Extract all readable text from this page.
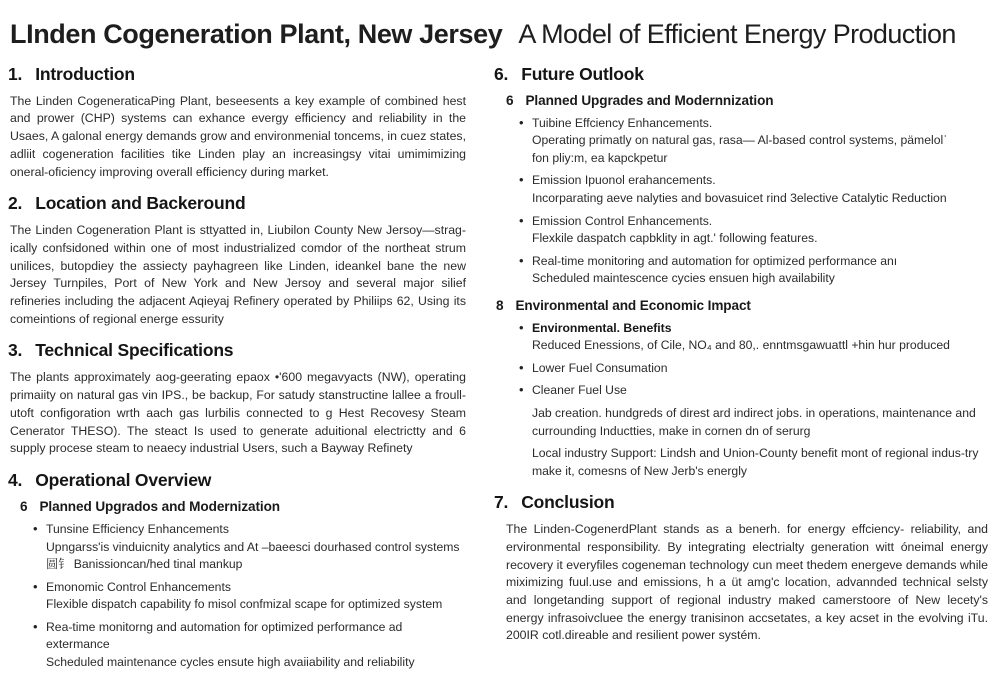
LInden Cogeneration Plant, New Jersey A Model of Efficient Energy Production
1. Introduction

The Linden CogeneraticaPing Plant, beseesents a key example of combined hest and prower (CHP) systems can exhance evergy efficiency and reliability in the Usaes, A galonal energy demands grow and environmenial toncems, in cuez states, adliit cogeneration facilities tike Linden play an increasingsy vitai umimimizing oneral-oficiency improving overall efficiency during market.

2. Location and Backeround

The Linden Cogeneration Plant is sttyatted in, Liubilon County New Jersoy—strag-ically confsidoned within one of most industrialized comdor of the northeat strum unilices, butopdiey the assiecty payhagreen like Linden, ideankel bane the new Jersey Turnpiles, Port of New York and New Jersoy and several major silief refineries including the adjacent Aqieyaj Refinery operated by Philiips 62, Using its comeintions of regional energe essurity

3. Technical Specifications

The plants approximately aog-geerating epaox •'600 megavyacts (NW), operating primaiity on natural gas vin IPS., be backup, For satudy stanstructine lallee a froull-utoft configoration wrth aach gas lurbilis connected to g Hest Recovesy Steam Cenerator THESO). The steact Is used to generate aduitional electrictty and 6 supply procese steam to neaecy industrial Users, such a Bayway Refinety

4. Operational Overview
6 Planned Upgrados and Modernization
• Tunsine Efficiency Enhancements
Upngarss'is vinduicnity analytics and At –baeesci dourhased control systems
圆钅 Banissioncan/hed tinal mankup
• Emonomic Control Enhancements
Flexible dispatch capability fo misol confmizal scape for optimized system
• Rea-time monitorng and automation for optimized performance ad extermance
Scheduled maintenance cycles ensute high avaiiability and reliability
6. Future Outlook
6 Planned Upgrades and Modernnization
• Tuibine Effciency Enhancements.
Operating primatly on natural gas, rasa— Al-based control systems, pämelolˈ
fon pliy:m, ea kapckpetur
• Emission Ipuonol erahancements.
Incorparating aeve nalyties and bovasuicet rind 3elective Catalytic Reduction
• Emission Control Enhancements.
Flexkile daspatch capbklity in agt.' following features.
• Real-time monitoring and automation for optimized performance anı
Scheduled maintescence cycies ensuen high availability
8 Environmental and Economic Impact
• Environmental. Benefits
Reduced Enessions, of Cile, NO₄ and 80,. enntmsgawuattl +hin hur produced
• Lower Fuel Consumation
• Cleaner Fuel Use
Jab creation. hundgreds of direst ard indirect jobs. in operations, maintenance and currounding Inductties, make in cornen dn of serurg
Local industry Support: Lindsh and Union-County benefit mont of regional indus-try make it, comesns of New Jerb's energly
7. Conclusion

The Linden-CogenerdPlant stands as a benerh. for energy effciency- reliability, and ervironmental responsibility. By integrating electrialty generation witt óneimal energy recovery it everyfiles cogeneman technology cun meet thedem energeve demands while miximizing fuul.use and emissions, h a üt amg'c location, advannded technical selsty and longetanding support of regional industry maked camerstoore of New lecety's energy infrasoivcluee the energy tranisinon accsetates, a key acset in the evolving iTu. 200IR cotl.direable and resilient power systém.
